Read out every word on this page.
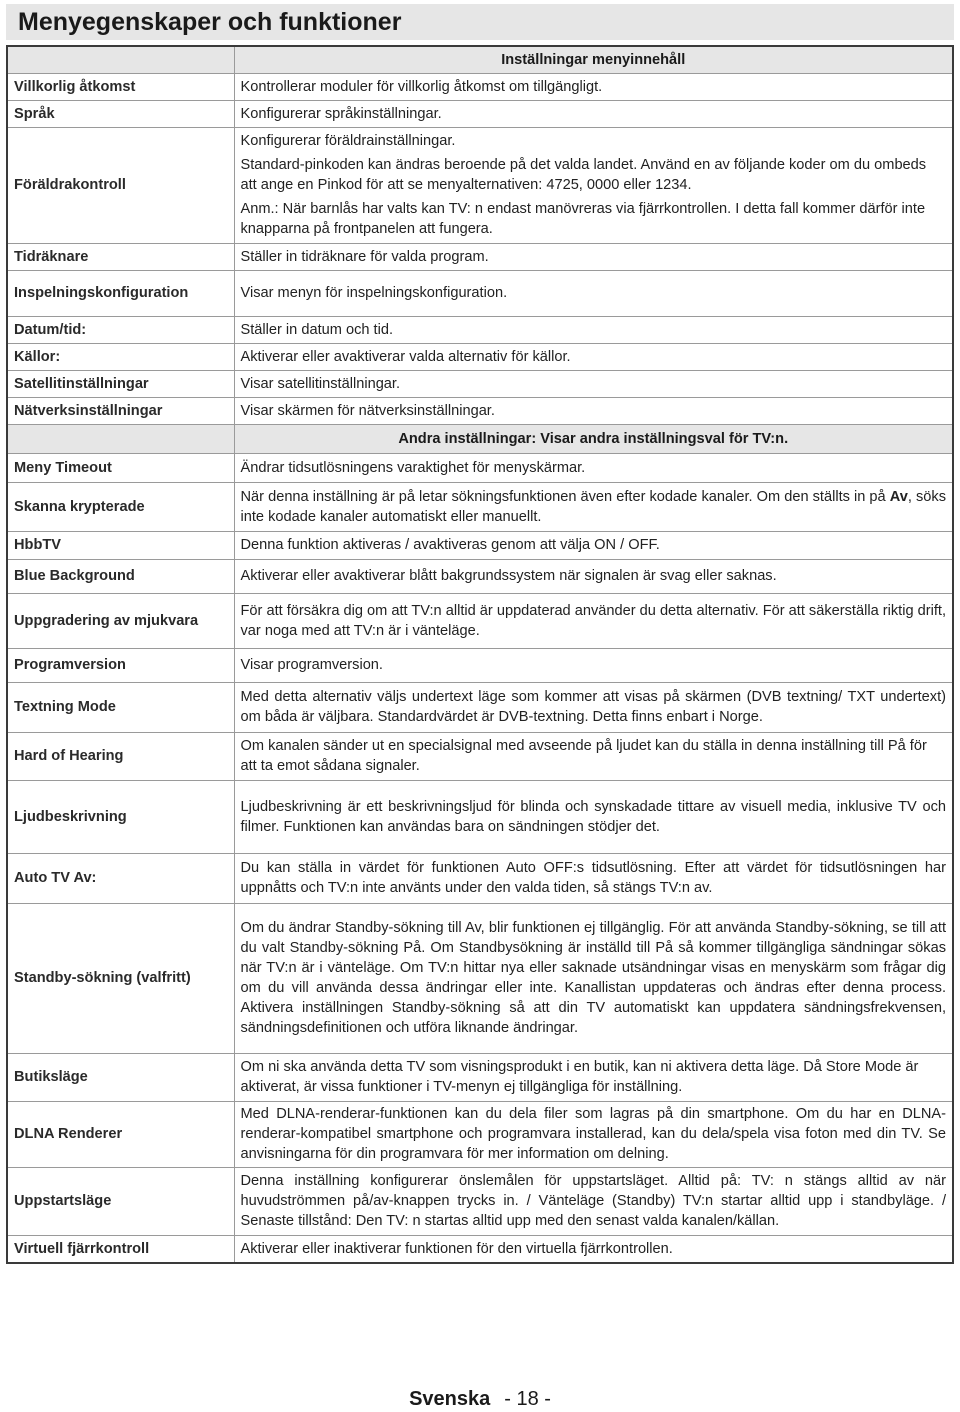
Menyegenskaper och funktioner
	Inställningar menyinnehåll
Villkorlig åtkomst	Kontrollerar moduler för villkorlig åtkomst om tillgängligt.
Språk	Konfigurerar språkinställningar.
Föräldrakontroll	Konfigurerar föräldrainställningar.
Standard-pinkoden kan ändras beroende på det valda landet. Använd en av följande koder om du ombeds att ange en Pinkod för att se menyalternativen: 4725, 0000 eller 1234.
Anm.: När barnlås har valts kan TV: n endast manövreras via fjärrkontrollen. I detta fall kommer därför inte knapparna på frontpanelen att fungera.

Tidräknare	Ställer in tidräknare för valda program.
Inspelningskonfiguration	Visar menyn för inspelningskonfiguration.
Datum/tid:	Ställer in datum och tid.
Källor:	Aktiverar eller avaktiverar valda alternativ för källor.
Satellitinställningar	Visar satellitinställningar.
Nätverksinställningar	Visar skärmen för nätverksinställningar.
	Andra inställningar: Visar andra inställningsval för TV:n.
Meny Timeout	Ändrar tidsutlösningens varaktighet för menyskärmar.
Skanna krypterade	När denna inställning är på letar sökningsfunktionen även efter kodade kanaler. Om den ställts in på Av, söks inte kodade kanaler automatiskt eller manuellt.
HbbTV	Denna funktion aktiveras / avaktiveras genom att välja ON / OFF.
Blue Background	Aktiverar eller avaktiverar blått bakgrundssystem när signalen är svag eller saknas.
Uppgradering av mjukvara	För att försäkra dig om att TV:n alltid är uppdaterad använder du detta alternativ. För att säkerställa riktig drift, var noga med att TV:n är i vänteläge.
Programversion	Visar programversion.
Textning Mode	Med detta alternativ väljs undertext läge som kommer att visas på skärmen (DVB textning/ TXT undertext) om båda är väljbara. Standardvärdet är DVB-textning. Detta finns enbart i Norge.
Hard of Hearing	Om kanalen sänder ut en specialsignal med avseende på ljudet kan du ställa in denna inställning till På för att ta emot sådana signaler.
Ljudbeskrivning	Ljudbeskrivning är ett beskrivningsljud för blinda och synskadade tittare av visuell media, inklusive TV och filmer. Funktionen kan användas bara on sändningen stödjer det.
Auto TV Av:	Du kan ställa in värdet för funktionen Auto OFF:s tidsutlösning. Efter att värdet för tidsutlösningen har uppnåtts och TV:n inte använts under den valda tiden, så stängs TV:n av.
Standby-sökning (valfritt)	Om du ändrar Standby-sökning till Av, blir funktionen ej tillgänglig. För att använda Standby-sökning, se till att du valt Standby-sökning På. Om Standbysökning är inställd till På så kommer tillgängliga sändningar sökas när TV:n är i vänteläge. Om TV:n hittar nya eller saknade utsändningar visas en menyskärm som frågar dig om du vill använda dessa ändringar eller inte. Kanallistan uppdateras och ändras efter denna process. Aktivera inställningen Standby-sökning så att din TV automatiskt kan uppdatera sändningsfrekvensen, sändningsdefinitionen och utföra liknande ändringar.
Butiksläge	Om ni ska använda detta TV som visningsprodukt i en butik, kan ni aktivera detta läge. Då Store Mode är aktiverat, är vissa funktioner i TV-menyn ej tillgängliga för inställning.
DLNA Renderer	Med DLNA-renderar-funktionen kan du dela filer som lagras på din smartphone. Om du har en DLNA-renderar-kompatibel smartphone och programvara installerad, kan du dela/spela visa foton med din TV. Se anvisningarna för din programvara för mer information om delning.
Uppstartsläge	Denna inställning konfigurerar önslemålen för uppstartsläget. Alltid på: TV: n stängs alltid av när huvudströmmen på/av-knappen trycks in. / Vänteläge (Standby) TV:n startar alltid upp i standbyläge. / Senaste tillstånd: Den TV: n startas alltid upp med den senast valda kanalen/källan.
Virtuell fjärrkontroll	Aktiverar eller inaktiverar funktionen för den virtuella fjärrkontrollen.
Svenska - 18 -
